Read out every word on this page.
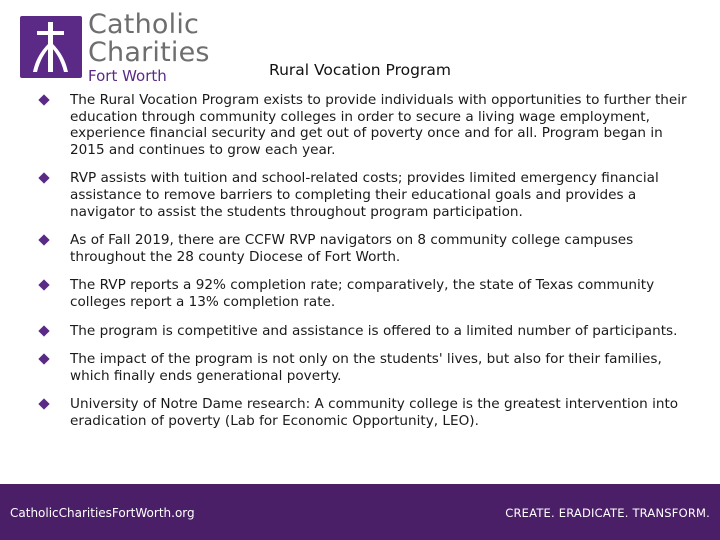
Catholic
Charities
Fort Worth	Rural Vocation Program
The Rural Vocation Program exists to provide individuals with opportunities to further their education through community colleges in order to secure a living wage employment, experience financial security and get out of poverty once and for all. Program began in 2015 and continues to grow each year.
RVP assists with tuition and school-related costs; provides limited emergency financial assistance to remove barriers to completing their educational goals and provides a navigator to assist the students throughout program participation.
As of Fall 2019, there are CCFW RVP navigators on 8 community college campuses throughout the 28 county Diocese of Fort Worth.
The RVP reports a 92% completion rate; comparatively, the state of Texas community colleges report a 13% completion rate.
The program is competitive and assistance is offered to a limited number of participants.
The impact of the program is not only on the students' lives, but also for their families, which finally ends generational poverty.
University of Notre Dame research: A community college is the greatest intervention into eradication of poverty (Lab for Economic Opportunity, LEO).
CatholicCharitiesFortWorth.org	CREATE. ERADICATE. TRANSFORM.
